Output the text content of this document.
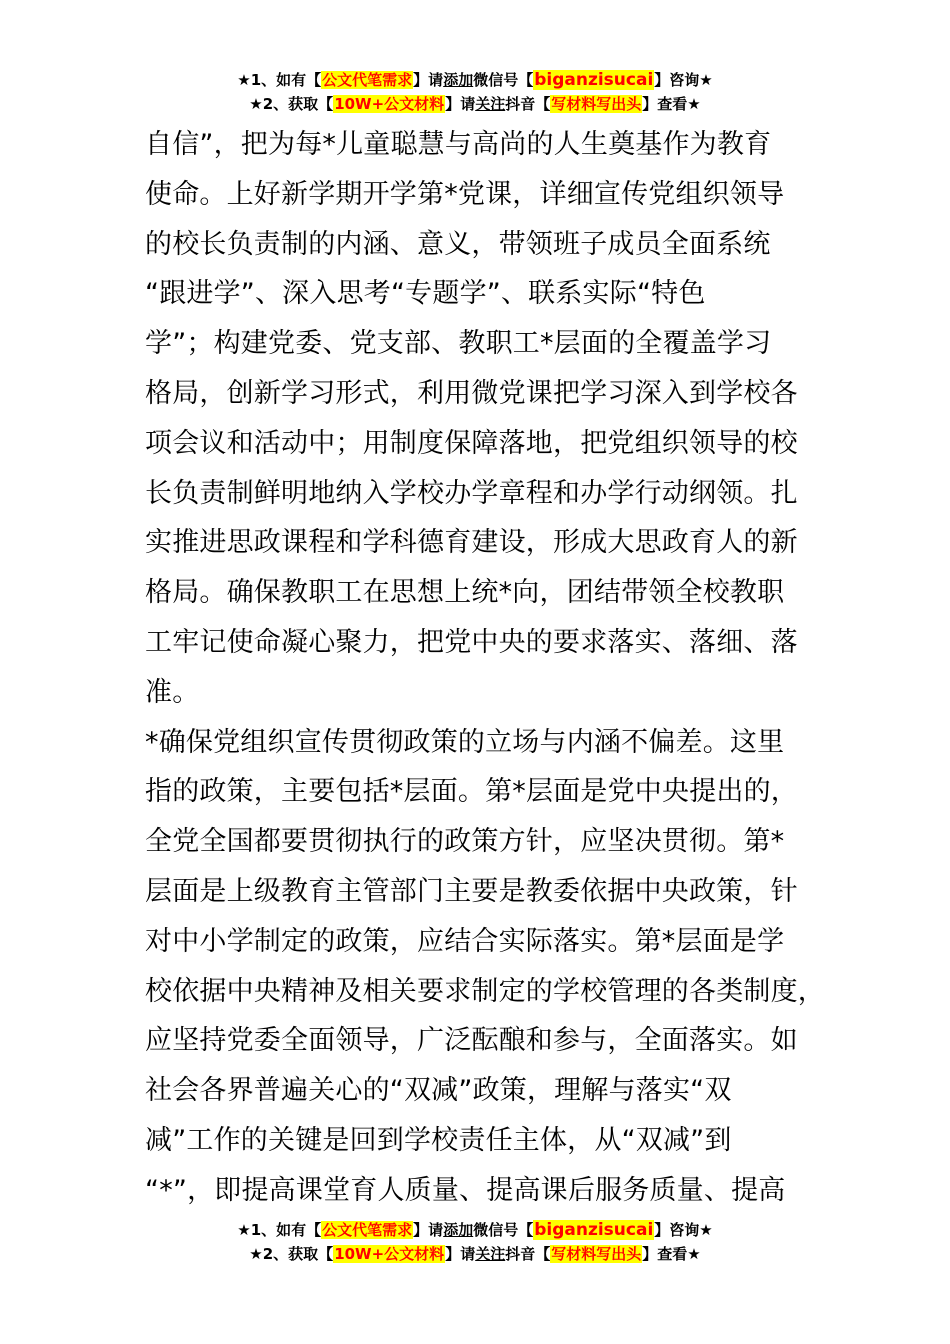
★1、如有【公文代笔需求】请添加微信号【biganzisucai】咨询★
★2、获取【10W+公文材料】请关注抖音【写材料写出头】查看★
自信”，把为每*儿童聪慧与高尚的人生奠基作为教育
使命。上好新学期开学第*党课，详细宣传党组织领导
的校长负责制的内涵、意义，带领班子成员全面系统
“跟进学”、深入思考“专题学”、联系实际“特色
学”；构建党委、党支部、教职工*层面的全覆盖学习
格局，创新学习形式，利用微党课把学习深入到学校各
项会议和活动中；用制度保障落地，把党组织领导的校
长负责制鲜明地纳入学校办学章程和办学行动纲领。扎
实推进思政课程和学科德育建设，形成大思政育人的新
格局。确保教职工在思想上统*向，团结带领全校教职
工牢记使命凝心聚力，把党中央的要求落实、落细、落
准。
*确保党组织宣传贯彻政策的立场与内涵不偏差。这里
指的政策，主要包括*层面。第*层面是党中央提出的，
全党全国都要贯彻执行的政策方针，应坚决贯彻。第*
层面是上级教育主管部门主要是教委依据中央政策，针
对中小学制定的政策，应结合实际落实。第*层面是学
校依据中央精神及相关要求制定的学校管理的各类制度，
应坚持党委全面领导，广泛酝酿和参与，全面落实。如
社会各界普遍关心的“双减”政策，理解与落实“双
减”工作的关键是回到学校责任主体，从“双减”到
“*”，即提高课堂育人质量、提高课后服务质量、提高
★1、如有【公文代笔需求】请添加微信号【biganzisucai】咨询★
★2、获取【10W+公文材料】请关注抖音【写材料写出头】查看★
